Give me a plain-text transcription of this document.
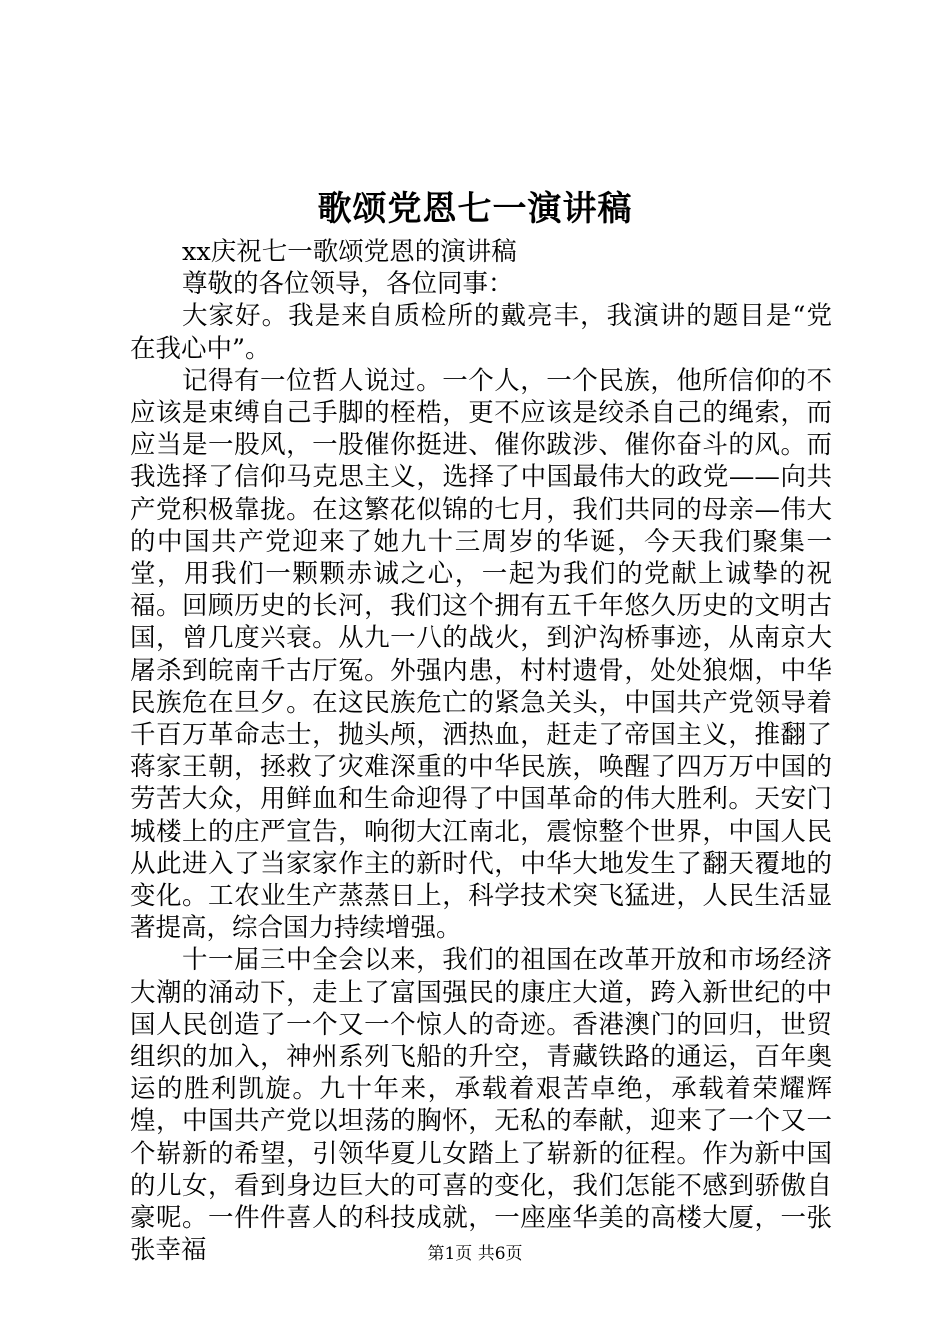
歌颂党恩七一演讲稿

xx庆祝七一歌颂党恩的演讲稿

尊敬的各位领导，各位同事：

大家好。我是来自质检所的戴亮丰，我演讲的题目是“党在我心中”。

记得有一位哲人说过。一个人，一个民族，他所信仰的不应该是束缚自己手脚的桎梏，更不应该是绞杀自己的绳索，而应当是一股风，一股催你挺进、催你跋涉、催你奋斗的风。而我选择了信仰马克思主义，选择了中国最伟大的政党——向共产党积极靠拢。在这繁花似锦的七月，我们共同的母亲—伟大的中国共产党迎来了她九十三周岁的华诞，今天我们聚集一堂，用我们一颗颗赤诚之心，一起为我们的党献上诚挚的祝福。回顾历史的长河，我们这个拥有五千年悠久历史的文明古国，曾几度兴衰。从九一八的战火，到沪沟桥事迹，从南京大屠杀到皖南千古厅冤。外强内患，村村遗骨，处处狼烟，中华民族危在旦夕。在这民族危亡的紧急关头，中国共产党领导着千百万革命志士，抛头颅，洒热血，赶走了帝国主义，推翻了蒋家王朝，拯救了灾难深重的中华民族，唤醒了四万万中国的劳苦大众，用鲜血和生命迎得了中国革命的伟大胜利。天安门城楼上的庄严宣告，响彻大江南北，震惊整个世界，中国人民从此进入了当家家作主的新时代，中华大地发生了翻天覆地的变化。工农业生产蒸蒸日上，科学技术突飞猛进，人民生活显著提高，综合国力持续增强。

十一届三中全会以来，我们的祖国在改革开放和市场经济大潮的涌动下，走上了富国强民的康庄大道，跨入新世纪的中国人民创造了一个又一个惊人的奇迹。香港澳门的回归，世贸组织的加入，神州系列飞船的升空，青藏铁路的通运，百年奥运的胜利凯旋。九十年来，承载着艰苦卓绝，承载着荣耀辉煌，中国共产党以坦荡的胸怀，无私的奉献，迎来了一个又一个崭新的希望，引领华夏儿女踏上了崭新的征程。作为新中国的儿女，看到身边巨大的可喜的变化，我们怎能不感到骄傲自豪呢。一件件喜人的科技成就，一座座华美的高楼大厦，一张张幸福	第1页 共6页
